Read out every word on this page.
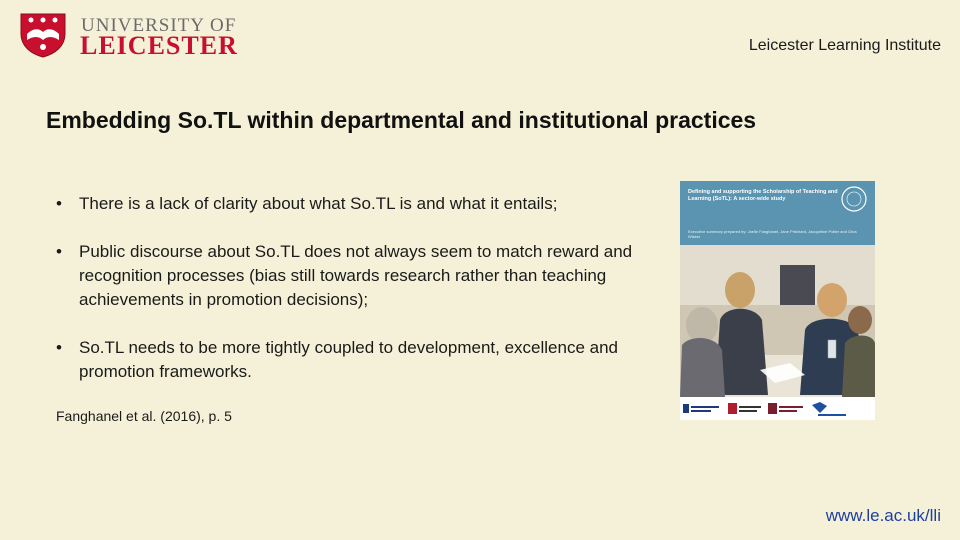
UNIVERSITY OF
LEICESTER	Leicester Learning Institute
Embedding So.TL within departmental and institutional practices
• There is a lack of clarity about what So.TL is and what it entails;
• Public discourse about So.TL does not always seem to match reward and recognition processes (bias still towards research rather than teaching achievements in promotion decisions);
• So.TL needs to be more tightly coupled to development, excellence and promotion frameworks.
Fanghanel et al. (2016), p. 5
Defining and supporting the Scholarship of Teaching and Learning (SoTL): A sector-wide study
Executive summary prepared by: Joelle Fanghanel, Jane Pritchard, Jacqueline Potter and Gina Wisker
www.le.ac.uk/lli
